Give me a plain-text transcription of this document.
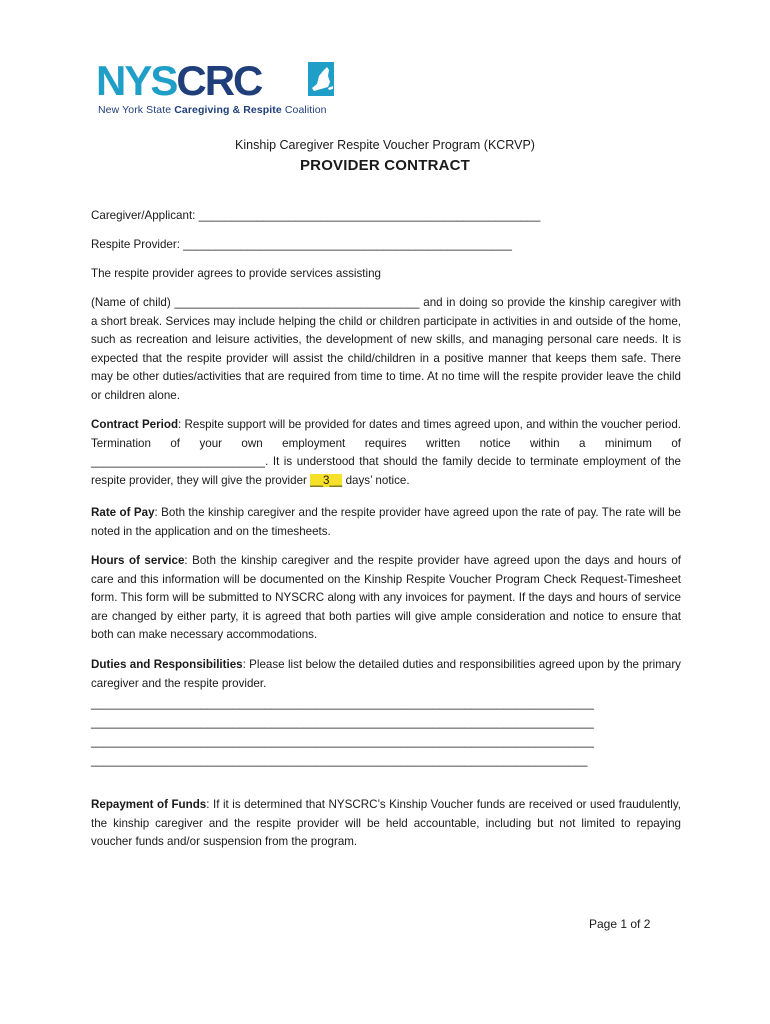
NYSCRC
New York State Caregiving & Respite Coalition
Kinship Caregiver Respite Voucher Program (KCRVP)
PROVIDER CONTRACT
Caregiver/Applicant: _____________________________________________________
Respite Provider: ___________________________________________________
The respite provider agrees to provide services assisting
(Name of child) ______________________________________ and in doing so provide the kinship caregiver with a short break. Services may include helping the child or children participate in activities in and outside of the home, such as recreation and leisure activities, the development of new skills, and managing personal care needs. It is expected that the respite provider will assist the child/children in a positive manner that keeps them safe. There may be other duties/activities that are required from time to time. At no time will the respite provider leave the child or children alone.
Contract Period: Respite support will be provided for dates and times agreed upon, and within the voucher period. Termination of your own employment requires written notice within a minimum of ___________________________. It is understood that should the family decide to terminate employment of the respite provider, they will give the provider __3__ days’ notice.
Rate of Pay: Both the kinship caregiver and the respite provider have agreed upon the rate of pay. The rate will be noted in the application and on the timesheets.
Hours of service: Both the kinship caregiver and the respite provider have agreed upon the days and hours of care and this information will be documented on the Kinship Respite Voucher Program Check Request-Timesheet form. This form will be submitted to NYSCRC along with any invoices for payment. If the days and hours of service are changed by either party, it is agreed that both parties will give ample consideration and notice to ensure that both can make necessary accommodations.
Duties and Responsibilities: Please list below the detailed duties and responsibilities agreed upon by the primary caregiver and the respite provider.
______________________________________________________________________________
______________________________________________________________________________
______________________________________________________________________________
_____________________________________________________________________________
Repayment of Funds: If it is determined that NYSCRC’s Kinship Voucher funds are received or used fraudulently, the kinship caregiver and the respite provider will be held accountable, including but not limited to repaying voucher funds and/or suspension from the program.
Page 1 of 2
